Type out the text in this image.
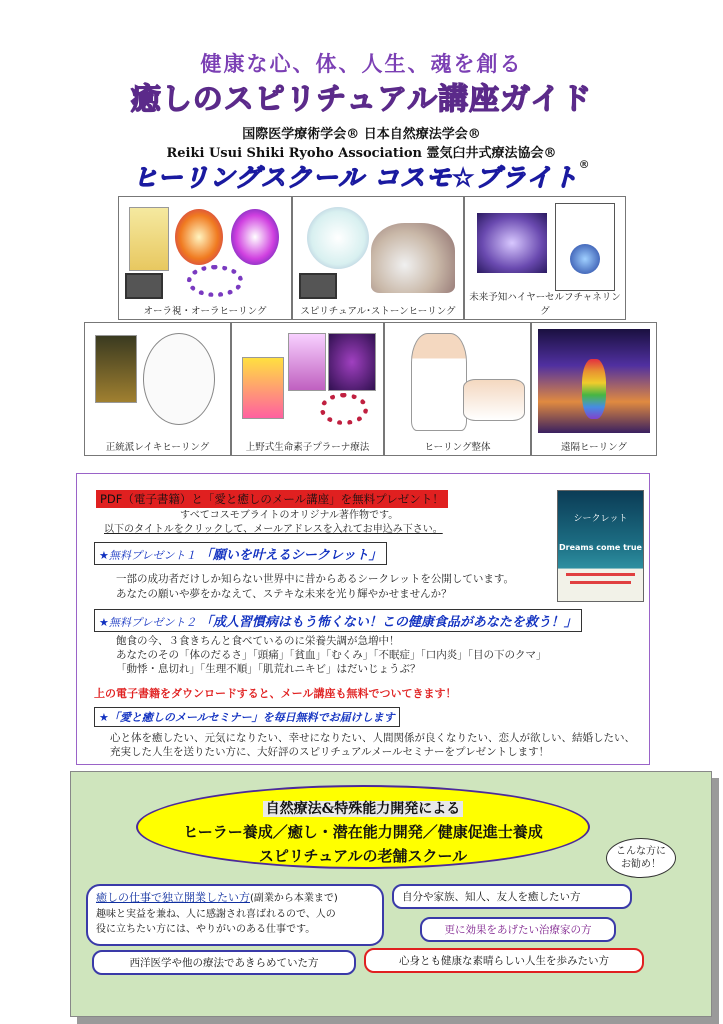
健康な心、体、人生、魂を創る
癒しのスピリチュアル講座ガイド
国際医学療術学会® 日本自然療法学会®
Reiki Usui Shiki Ryoho Association 霊気臼井式療法協会®
ヒーリングスクール コスモ☆ブライト®
オーラ視・オーラヒーリング	スピリチュアル･ストーンヒーリング
未来予知ハイヤーセルフチャネリング
正統派レイキヒーリング	上野式生命素子プラーナ療法	ヒーリング整体	遠隔ヒーリング
PDF（電子書籍）と「愛と癒しのメール講座」を無料プレゼント！
すべてコスモブライトのオリジナル著作物です。
以下のタイトルをクリックして、メールアドレスを入れてお申込み下さい。
★無料プレゼント１ 「願いを叶えるシークレット」
一部の成功者だけしか知らない世界中に昔からあるシークレットを公開しています。
あなたの願いや夢をかなえて、ステキな未来を光り輝やかせませんか？
シークレット
Dreams come true
★無料プレゼント２ 「成人習慣病はもう怖くない！この健康食品があなたを救う！」
飽食の今、３食きちんと食べているのに栄養失調が急増中！
あなたのその「体のだるさ」「頭痛」「貧血」「むくみ」「不眠症」「口内炎」「目の下のクマ」
「動悸・息切れ」「生理不順」「肌荒れニキビ」はだいじょうぶ？
上の電子書籍をダウンロードすると、メール講座も無料でついてきます！
★「愛と癒しのメールセミナー」を毎日無料でお届けします
心と体を癒したい、元気になりたい、幸せになりたい、人間関係が良くなりたい、恋人が欲しい、結婚したい、
充実した人生を送りたい方に、大好評のスピリチュアルメールセミナーをプレゼントします！
自然療法&特殊能力開発による
ヒーラー養成／癒し・潜在能力開発／健康促進士養成
スピリチュアルの老舗スクール	こんな方に
お勧め！
癒しの仕事で独立開業したい方(副業から本業まで)
趣味と実益を兼ね、人に感謝され喜ばれるので、人の
役に立ちたい方には、やりがいのある仕事です。
自分や家族、知人、友人を癒したい方
更に効果をあげたい治療家の方
西洋医学や他の療法であきらめていた方	心身とも健康な素晴らしい人生を歩みたい方
